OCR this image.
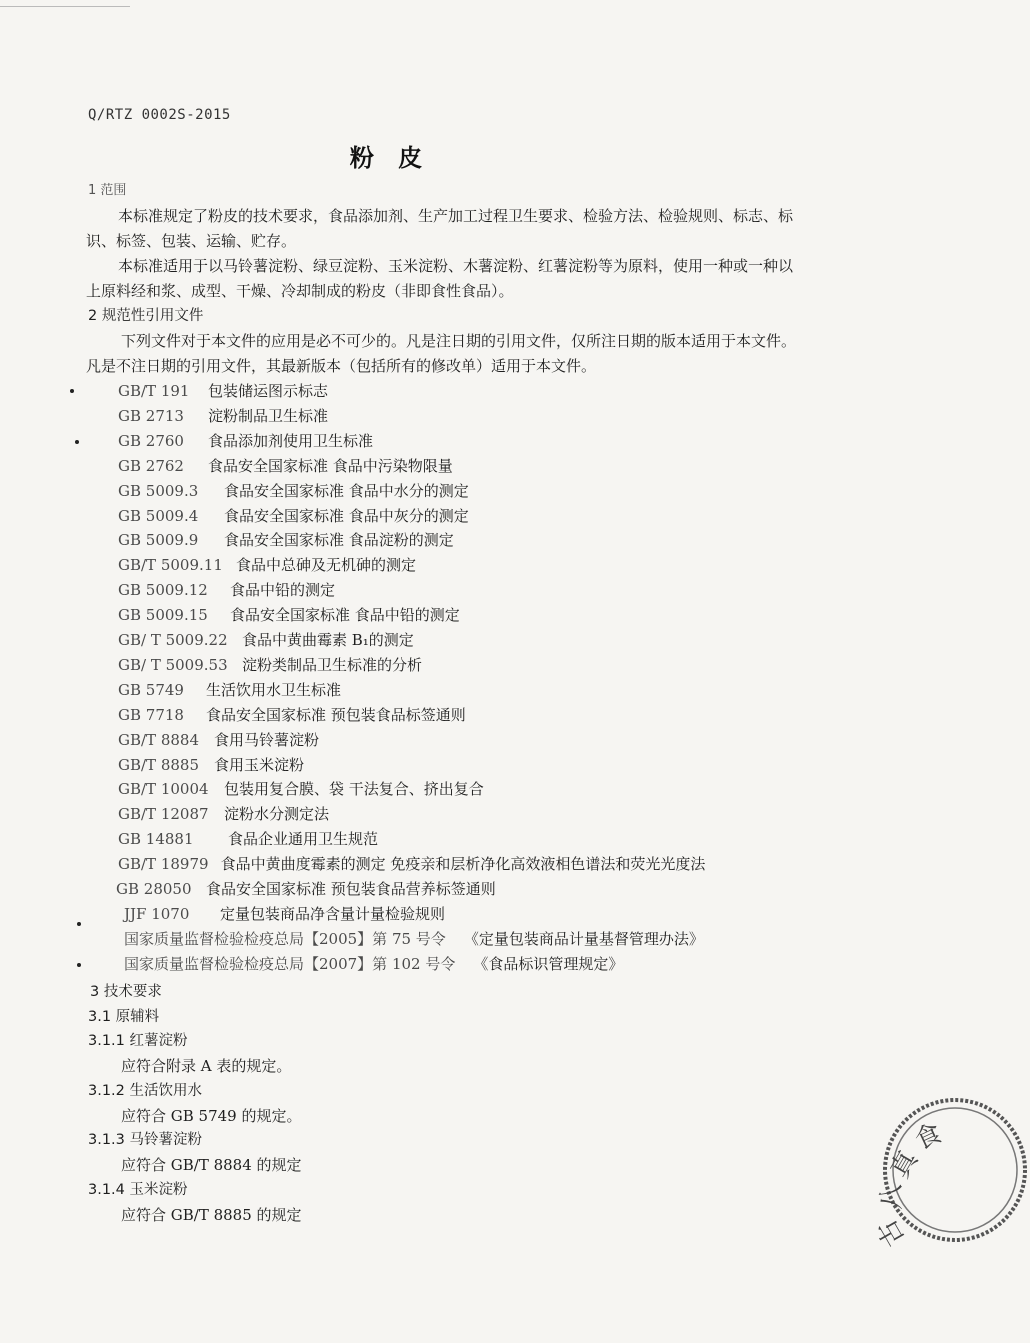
Q/RTZ 0002S-2015
粉 皮
1 范围
本标准规定了粉皮的技术要求，食品添加剂、生产加工过程卫生要求、检验方法、检验规则、标志、标
识、标签、包装、运输、贮存。
本标准适用于以马铃薯淀粉、绿豆淀粉、玉米淀粉、木薯淀粉、红薯淀粉等为原料，使用一种或一种以
上原料经和浆、成型、干燥、冷却制成的粉皮（非即食性食品）。
2 规范性引用文件
下列文件对于本文件的应用是必不可少的。凡是注日期的引用文件，仅所注日期的版本适用于本文件。
凡是不注日期的引用文件，其最新版本（包括所有的修改单）适用于本文件。
GB/T 191 包装储运图示标志
GB 2713 淀粉制品卫生标准
GB 2760 食品添加剂使用卫生标准
GB 2762 食品安全国家标准 食品中污染物限量
GB 5009.3 食品安全国家标准 食品中水分的测定
GB 5009.4 食品安全国家标准 食品中灰分的测定
GB 5009.9 食品安全国家标准 食品淀粉的测定
GB/T 5009.11 食品中总砷及无机砷的测定
GB 5009.12 食品中铅的测定
GB 5009.15 食品安全国家标准 食品中铅的测定
GB/ T 5009.22 食品中黄曲霉素 B₁的测定
GB/ T 5009.53 淀粉类制品卫生标准的分析
GB 5749 生活饮用水卫生标准
GB 7718 食品安全国家标准 预包装食品标签通则
GB/T 8884 食用马铃薯淀粉
GB/T 8885 食用玉米淀粉
GB/T 10004 包装用复合膜、袋 干法复合、挤出复合
GB/T 12087 淀粉水分测定法
GB 14881 食品企业通用卫生规范
GB/T 18979 食品中黄曲度霉素的测定 免疫亲和层析净化高效液相色谱法和荧光光度法
GB 28050 食品安全国家标准 预包装食品营养标签通则
JJF 1070 定量包装商品净含量计量检验规则
国家质量监督检验检疫总局【2005】第 75 号令 《定量包装商品计量基督管理办法》
国家质量监督检验检疫总局【2007】第 102 号令 《食品标识管理规定》
3 技术要求
3.1 原辅料
3.1.1 红薯淀粉
应符合附录 A 表的规定。
3.1.2 生活饮用水
应符合 GB 5749 的规定。
3.1.3 马铃薯淀粉
应符合 GB/T 8884 的规定
3.1.4 玉米淀粉
应符合 GB/T 8885 的规定
食
真
八
古
